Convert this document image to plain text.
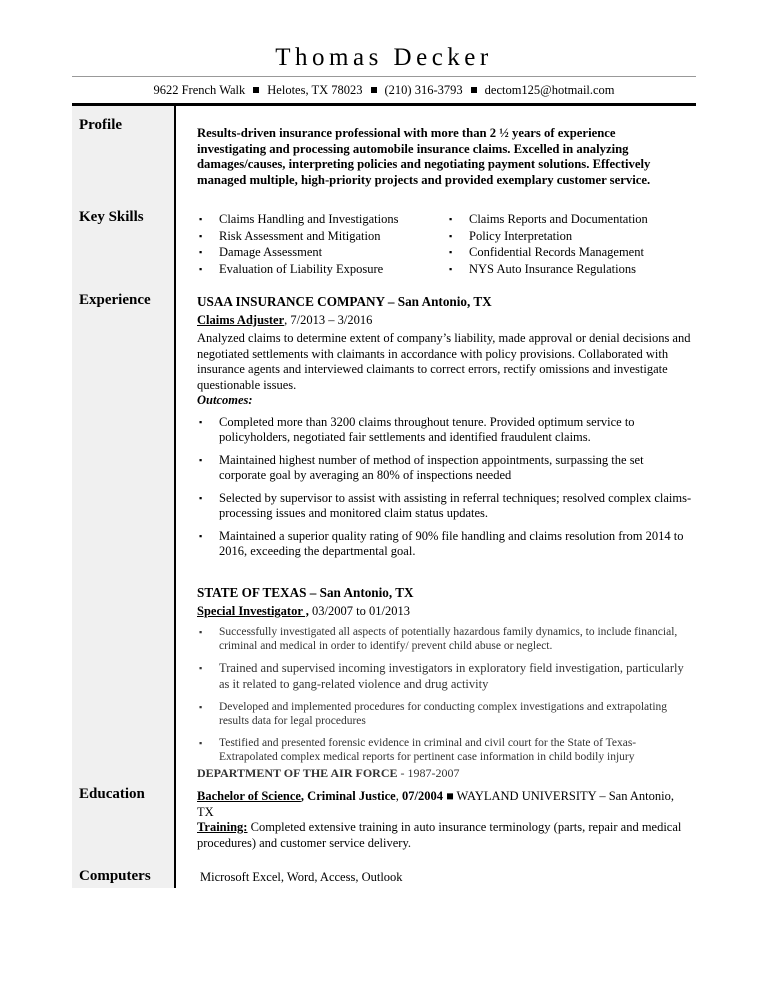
Thomas Decker
9622 French Walk Helotes, TX 78023 (210) 316-3793 dectom125@hotmail.com
Profile	Results-driven insurance professional with more than 2 ½ years of experience investigating and processing automobile insurance claims. Excelled in analyzing damages/causes, interpreting policies and negotiating payment solutions. Effectively managed multiple, high-priority projects and provided exemplary customer service.
Key Skills
▪	Claims Handling and Investigations
▪ Risk Assessment and Mitigation
▪ Damage Assessment
▪ Evaluation of Liability Exposure
▪ Claims Reports and Documentation
▪ Policy Interpretation
▪ Confidential Records Management
▪ NYS Auto Insurance Regulations
Experience	USAA INSURANCE COMPANY – San Antonio, TX
Claims Adjuster, 7/2013 – 3/2016
Analyzed claims to determine extent of company’s liability, made approval or denial decisions and negotiated settlements with claimants in accordance with policy provisions. Collaborated with insurance agents and interviewed claimants to correct errors, rectify omissions and investigate questionable issues.
Outcomes:
▪ Completed more than 3200 claims throughout tenure. Provided optimum service to policyholders, negotiated fair settlements and identified fraudulent claims.
▪ Maintained highest number of method of inspection appointments, surpassing the set corporate goal by averaging an 80% of inspections needed
▪ Selected by supervisor to assist with assisting in referral techniques; resolved complex claims-processing issues and monitored claim status updates.
▪ Maintained a superior quality rating of 90% file handling and claims resolution from 2014 to 2016, exceeding the departmental goal.
STATE OF TEXAS – San Antonio, TX
Special Investigator , 03/2007 to 01/2013
▪ Successfully investigated all aspects of potentially hazardous family dynamics, to include financial, criminal and medical in order to identify/ prevent child abuse or neglect.
▪ Trained and supervised incoming investigators in exploratory field investigation, particularly as it related to gang-related violence and drug activity
▪ Developed and implemented procedures for conducting complex investigations and extrapolating results data for legal procedures
▪ Testified and presented forensic evidence in criminal and civil court for the State of Texas- Extrapolated complex medical reports for pertinent case information in child bodily injury
DEPARTMENT OF THE AIR FORCE - 1987-2007
Education	Bachelor of Science, Criminal Justice, 07/2004 ■ WAYLAND UNIVERSITY – San Antonio, TX
Training: Completed extensive training in auto insurance terminology (parts, repair and medical procedures) and customer service delivery.
Computers	Microsoft Excel, Word, Access, Outlook
